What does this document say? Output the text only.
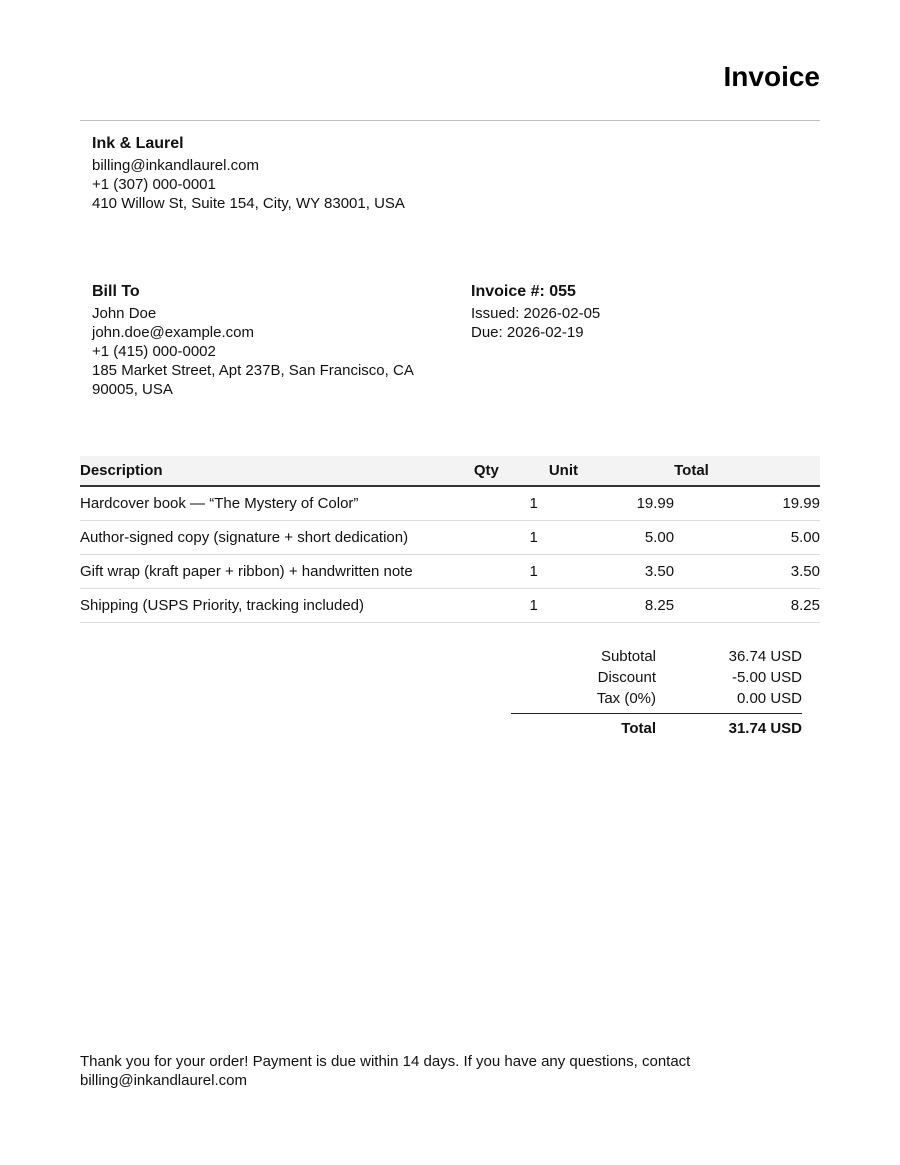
Invoice
Ink & Laurel
billing@inkandlaurel.com
+1 (307) 000-0001
410 Willow St, Suite 154, City, WY 83001, USA
Bill To
John Doe
john.doe@example.com
+1 (415) 000-0002
185 Market Street, Apt 237B, San Francisco, CA 90005, USA
Invoice #: 055
Issued: 2026-02-05
Due: 2026-02-19
Description	Qty	Unit	Total
Hardcover book — “The Mystery of Color”	1	19.99	19.99
Author-signed copy (signature + short dedication)	1	5.00	5.00
Gift wrap (kraft paper + ribbon) + handwritten note	1	3.50	3.50
Shipping (USPS Priority, tracking included)	1	8.25	8.25
Subtotal	36.74 USD
Discount	-5.00 USD
Tax (0%)	0.00 USD
Total	31.74 USD
Thank you for your order! Payment is due within 14 days. If you have any questions, contact billing@inkandlaurel.com
